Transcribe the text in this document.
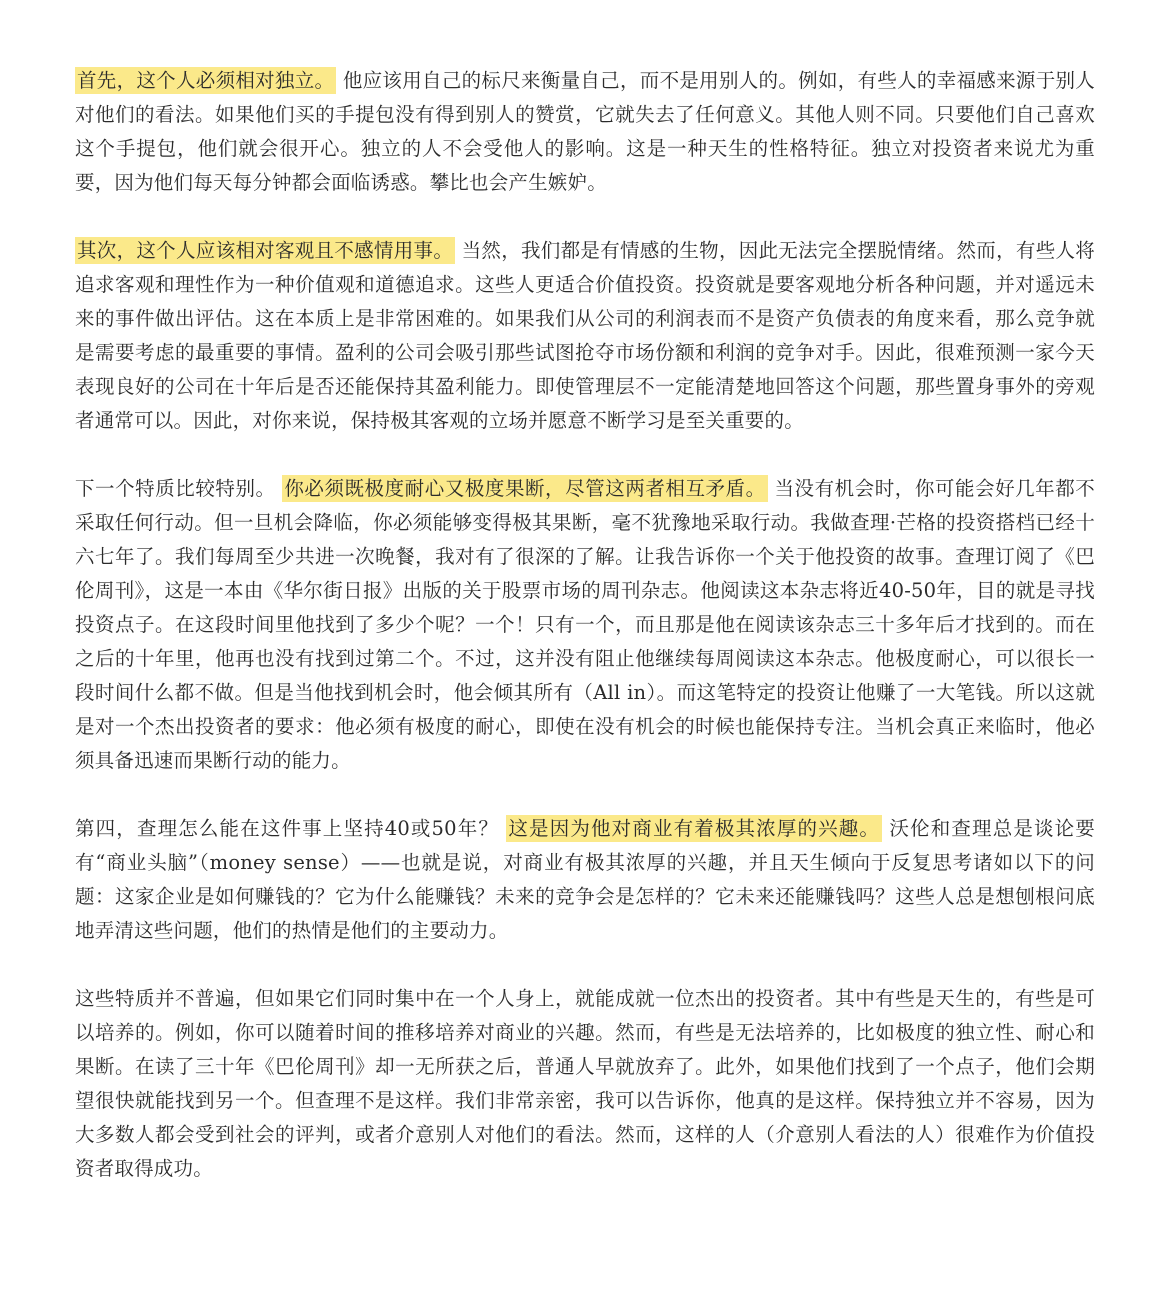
首先，这个人必须相对独立。 他应该用自己的标尺来衡量自己，而不是用别人的。例如，有些人的幸福感来源于别人对他们的看法。如果他们买的手提包没有得到别人的赞赏，它就失去了任何意义。其他人则不同。只要他们自己喜欢这个手提包，他们就会很开心。独立的人不会受他人的影响。这是一种天生的性格特征。独立对投资者来说尤为重要，因为他们每天每分钟都会面临诱惑。攀比也会产生嫉妒。

其次，这个人应该相对客观且不感情用事。 当然，我们都是有情感的生物，因此无法完全摆脱情绪。然而，有些人将追求客观和理性作为一种价值观和道德追求。这些人更适合价值投资。投资就是要客观地分析各种问题，并对遥远未来的事件做出评估。这在本质上是非常困难的。如果我们从公司的利润表而不是资产负债表的角度来看，那么竞争就是需要考虑的最重要的事情。盈利的公司会吸引那些试图抢夺市场份额和利润的竞争对手。因此，很难预测一家今天表现良好的公司在十年后是否还能保持其盈利能力。即使管理层不一定能清楚地回答这个问题，那些置身事外的旁观者通常可以。因此，对你来说，保持极其客观的立场并愿意不断学习是至关重要的。

下一个特质比较特别。 你必须既极度耐心又极度果断，尽管这两者相互矛盾。 当没有机会时，你可能会好几年都不采取任何行动。但一旦机会降临，你必须能够变得极其果断，毫不犹豫地采取行动。我做查理·芒格的投资搭档已经十六七年了。我们每周至少共进一次晚餐，我对有了很深的了解。让我告诉你一个关于他投资的故事。查理订阅了《巴伦周刊》，这是一本由《华尔街日报》出版的关于股票市场的周刊杂志。他阅读这本杂志将近40-50年，目的就是寻找投资点子。在这段时间里他找到了多少个呢？一个！只有一个，而且那是他在阅读该杂志三十多年后才找到的。而在之后的十年里，他再也没有找到过第二个。不过，这并没有阻止他继续每周阅读这本杂志。他极度耐心，可以很长一段时间什么都不做。但是当他找到机会时，他会倾其所有（All in）。而这笔特定的投资让他赚了一大笔钱。所以这就是对一个杰出投资者的要求：他必须有极度的耐心，即使在没有机会的时候也能保持专注。当机会真正来临时，他必须具备迅速而果断行动的能力。

第四，查理怎么能在这件事上坚持40或50年？ 这是因为他对商业有着极其浓厚的兴趣。 沃伦和查理总是谈论要有“商业头脑”（money sense）——也就是说，对商业有极其浓厚的兴趣，并且天生倾向于反复思考诸如以下的问题：这家企业是如何赚钱的？它为什么能赚钱？未来的竞争会是怎样的？它未来还能赚钱吗？这些人总是想刨根问底地弄清这些问题，他们的热情是他们的主要动力。

这些特质并不普遍，但如果它们同时集中在一个人身上，就能成就一位杰出的投资者。其中有些是天生的，有些是可以培养的。例如，你可以随着时间的推移培养对商业的兴趣。然而，有些是无法培养的，比如极度的独立性、耐心和果断。在读了三十年《巴伦周刊》却一无所获之后，普通人早就放弃了。此外，如果他们找到了一个点子，他们会期望很快就能找到另一个。但查理不是这样。我们非常亲密，我可以告诉你，他真的是这样。保持独立并不容易，因为大多数人都会受到社会的评判，或者介意别人对他们的看法。然而，这样的人（介意别人看法的人）很难作为价值投资者取得成功。
